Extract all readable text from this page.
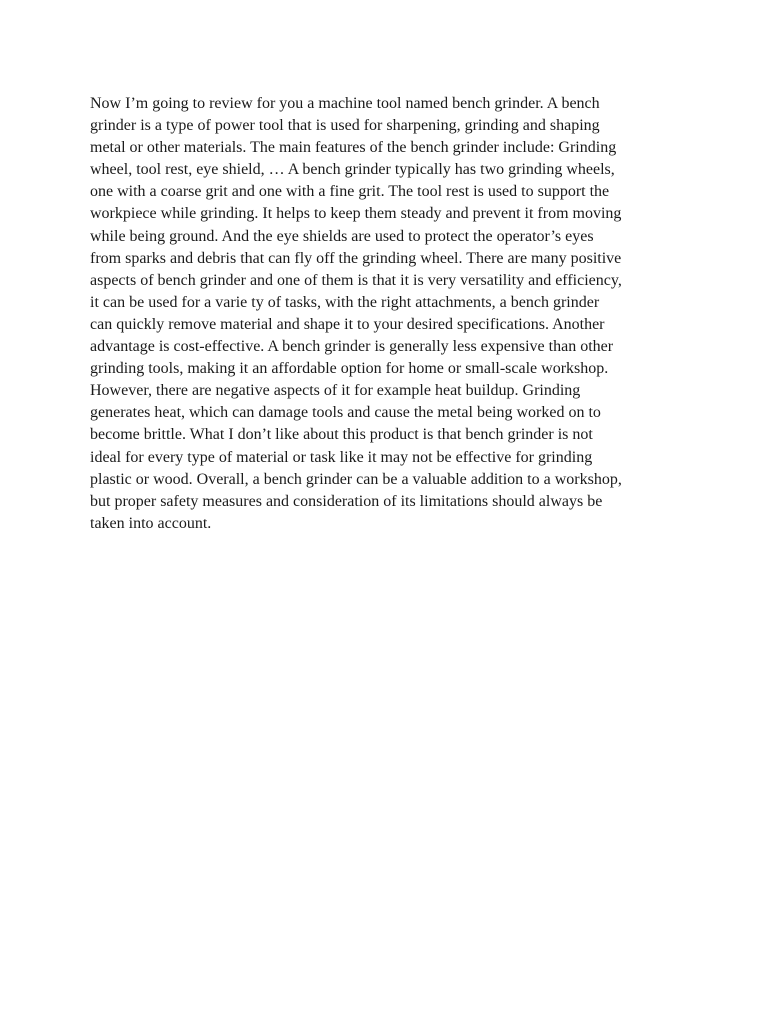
Now I’m going to review for you a machine tool named bench grinder. A bench
grinder is a type of power tool that is used for sharpening, grinding and shaping
metal or other materials. The main features of the bench grinder include: Grinding
wheel, tool rest, eye shield, … A bench grinder typically has two grinding wheels,
one with a coarse grit and one with a fine grit. The tool rest is used to support the
workpiece while grinding. It helps to keep them steady and prevent it from moving
while being ground. And the eye shields are used to protect the operator’s eyes
from sparks and debris that can fly off the grinding wheel. There are many positive
aspects of bench grinder and one of them is that it is very versatility and efficiency,
it can be used for a varie ty of tasks, with the right attachments, a bench grinder
can quickly remove material and shape it to your desired specifications. Another
advantage is cost-effective. A bench grinder is generally less expensive than other
grinding tools, making it an affordable option for home or small-scale workshop.
However, there are negative aspects of it for example heat buildup. Grinding
generates heat, which can damage tools and cause the metal being worked on to
become brittle. What I don’t like about this product is that bench grinder is not
ideal for every type of material or task like it may not be effective for grinding
plastic or wood. Overall, a bench grinder can be a valuable addition to a workshop,
but proper safety measures and consideration of its limitations should always be
taken into account.
